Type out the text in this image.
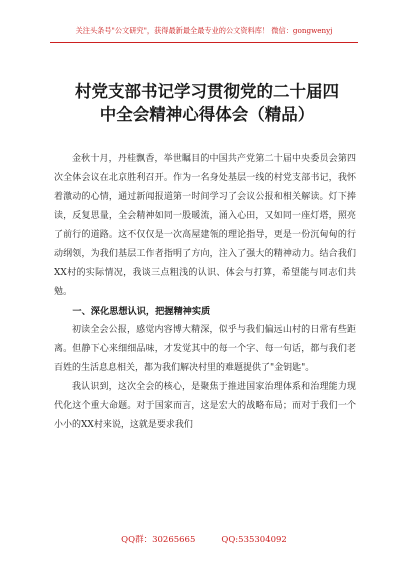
关注头条号"公文研究"，获得最新最全最专业的公文资料库！ 微信：gongwenyj
村党支部书记学习贯彻党的二十届四
中全会精神心得体会（精品）

金秋十月，丹桂飘香，举世瞩目的中国共产党第二十届中央委员会第四次全体会议在北京胜利召开。作为一名身处基层一线的村党支部书记，我怀着激动的心情，通过新闻报道第一时间学习了会议公报和相关解读。灯下捧读，反复思量，全会精神如同一股暖流，涌入心田，又如同一座灯塔，照亮了前行的道路。这不仅仅是一次高屋建瓴的理论指导，更是一份沉甸甸的行动纲领，为我们基层工作者指明了方向，注入了强大的精神动力。结合我们XX村的实际情况，我谈三点粗浅的认识、体会与打算，希望能与同志们共勉。

一、深化思想认识，把握精神实质

初读全会公报，感觉内容博大精深，似乎与我们偏远山村的日常有些距离。但静下心来细细品味，才发觉其中的每一个字、每一句话，都与我们老百姓的生活息息相关，都为我们解决村里的难题提供了"金钥匙"。

我认识到，这次全会的核心，是聚焦于推进国家治理体系和治理能力现代化这个重大命题。对于国家而言，这是宏大的战略布局；而对于我们一个小小的XX村来说，这就是要求我们

QQ群：30265665	QQ:535304092
